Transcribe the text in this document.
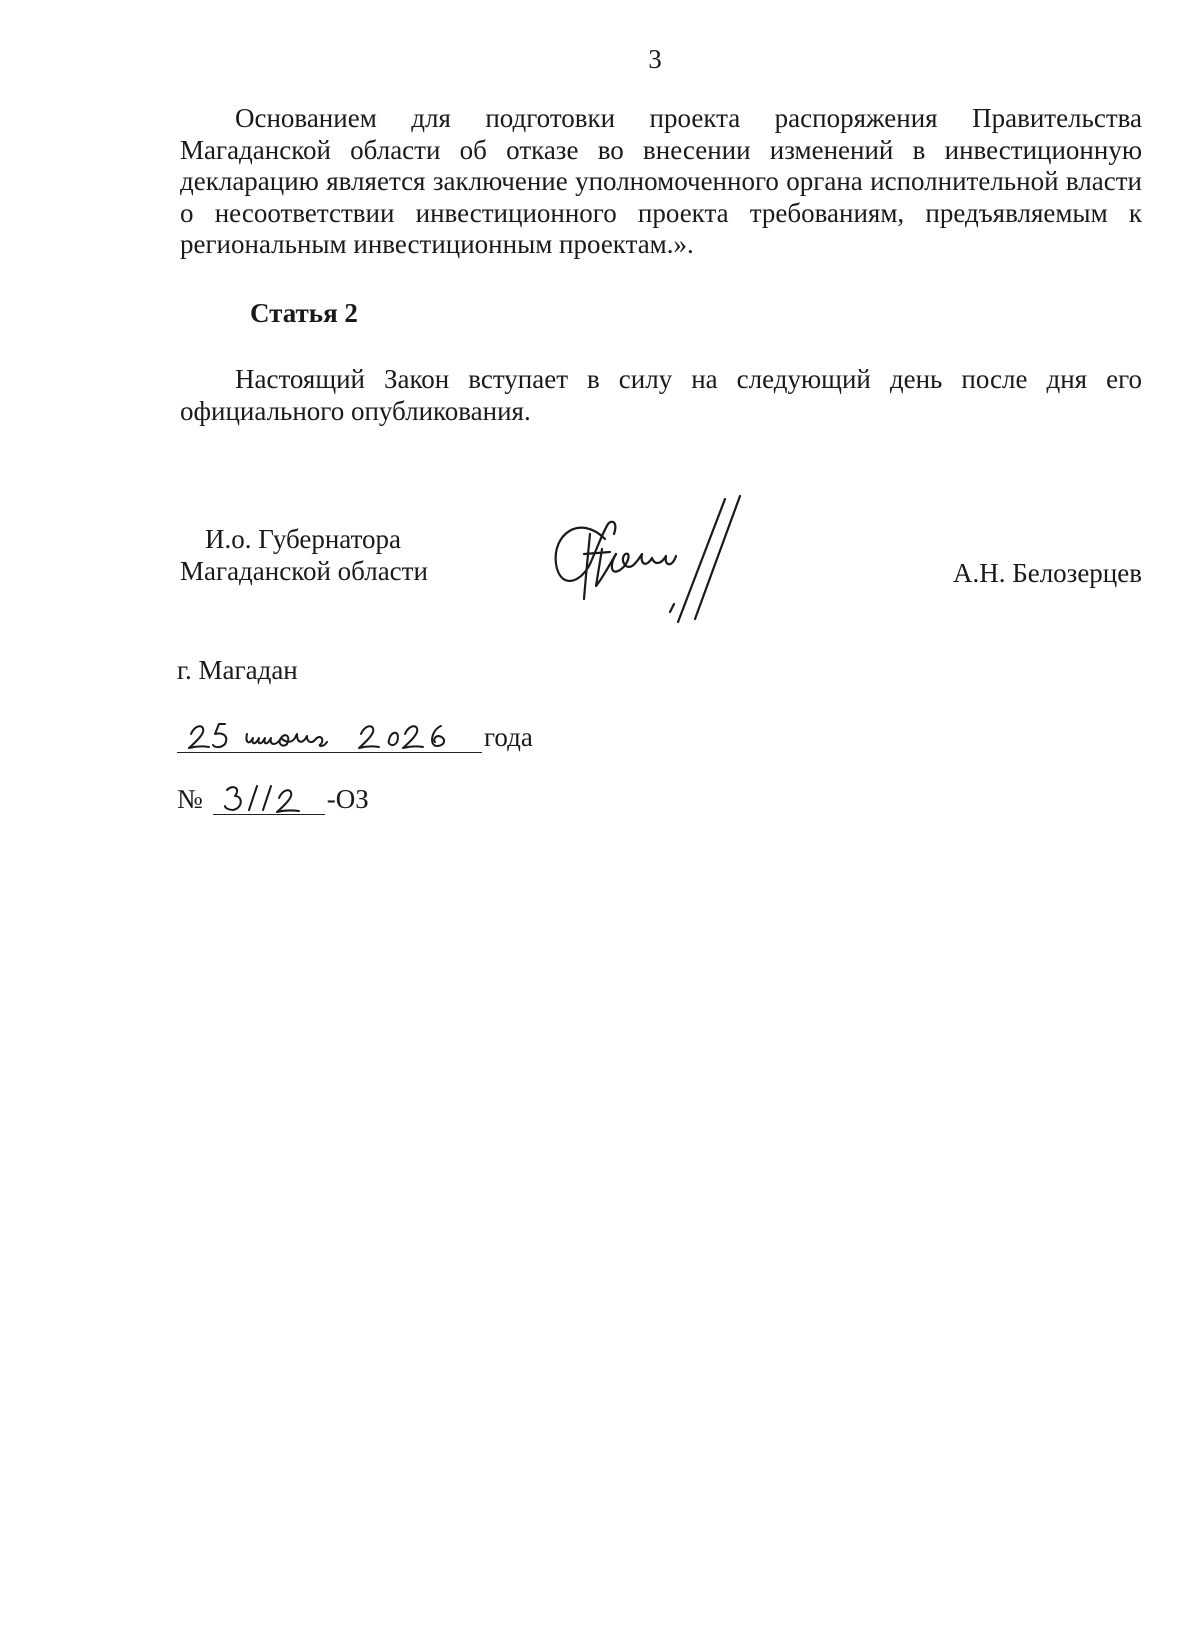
3

Основанием для подготовки проекта распоряжения Правительства Магаданской области об отказе во внесении изменений в инвестиционную декларацию является заключение уполномоченного органа исполнительной власти о несоответствии инвестиционного проекта требованиям, предъявляемым к региональным инвестиционным проектам.».

Статья 2

Настоящий Закон вступает в силу на следующий день после дня его официального опубликования.

И.о. Губернатора
Магаданской области	А.Н. Белозерцев
г. Магадан
года
№	-ОЗ
